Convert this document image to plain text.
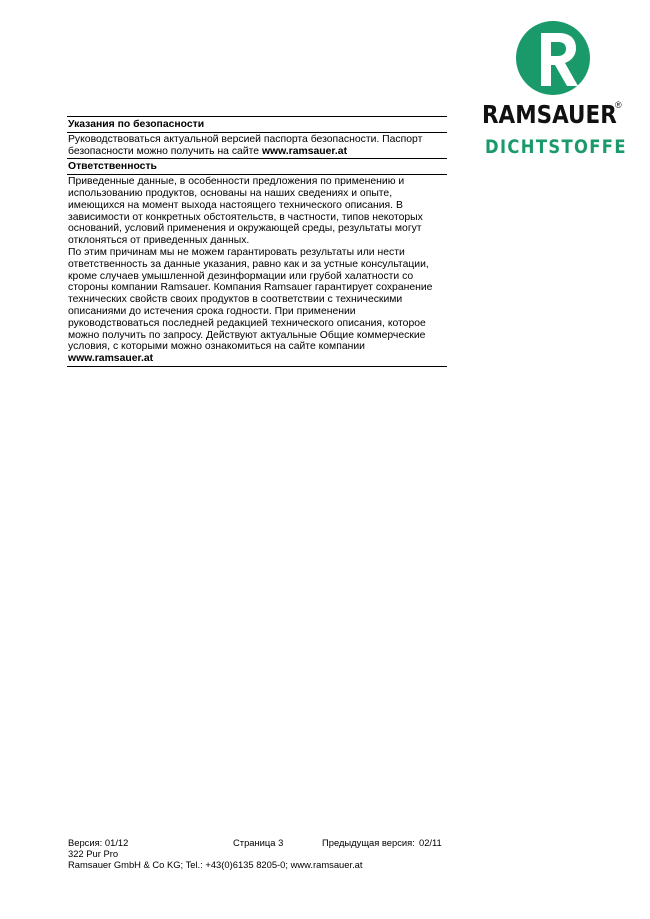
RAMSAUER
®
DICHTSTOFFE
Указания по безопасности
Руководствоваться актуальной версией паспорта безопасности. Паспорт безопасности можно получить на сайте www.ramsauer.at
Ответственность

Приведенные данные, в особенности предложения по применению и использованию продуктов, основаны на наших сведениях и опыте, имеющихся на момент выхода настоящего технического описания. В зависимости от конкретных обстоятельств, в частности, типов некоторых оснований, условий применения и окружающей среды, результаты могут отклоняться от приведенных данных.

По этим причинам мы не можем гарантировать результаты или нести ответственность за данные указания, равно как и за устные консультации, кроме случаев умышленной дезинформации или грубой халатности со стороны компании Ramsauer. Компания Ramsauer гарантирует сохранение технических свойств своих продуктов в соответствии с техническими описаниями до истечения срока годности. При применении руководствоваться последней редакцией технического описания, которое можно получить по запросу. Действуют актуальные Общие коммерческие условия, с которыми можно ознакомиться на сайте компании

www.ramsauer.at

Версия: 01/12	Страница 3	Предыдущая версия: 02/11
322 Pur Pro
Ramsauer GmbH & Co KG; Tel.: +43(0)6135 8205-0; www.ramsauer.at
